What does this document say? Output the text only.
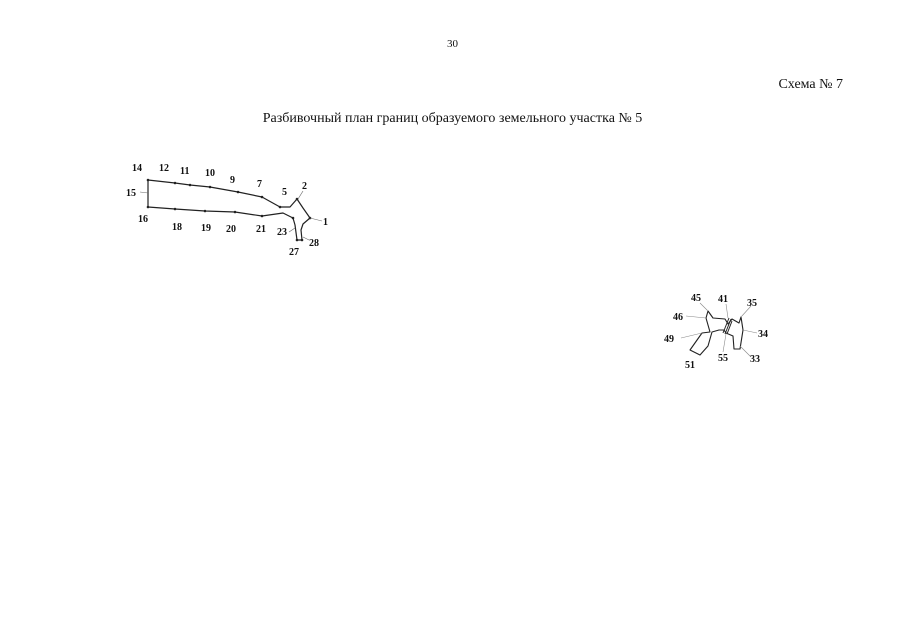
30
Схема № 7
Разбивочный план границ образуемого земельного участка № 5
14 12 11 10
9 7
5
2
15
16
18 19 20 21 23
1
28
27
45 41 35
46
34
49
55 33
51
